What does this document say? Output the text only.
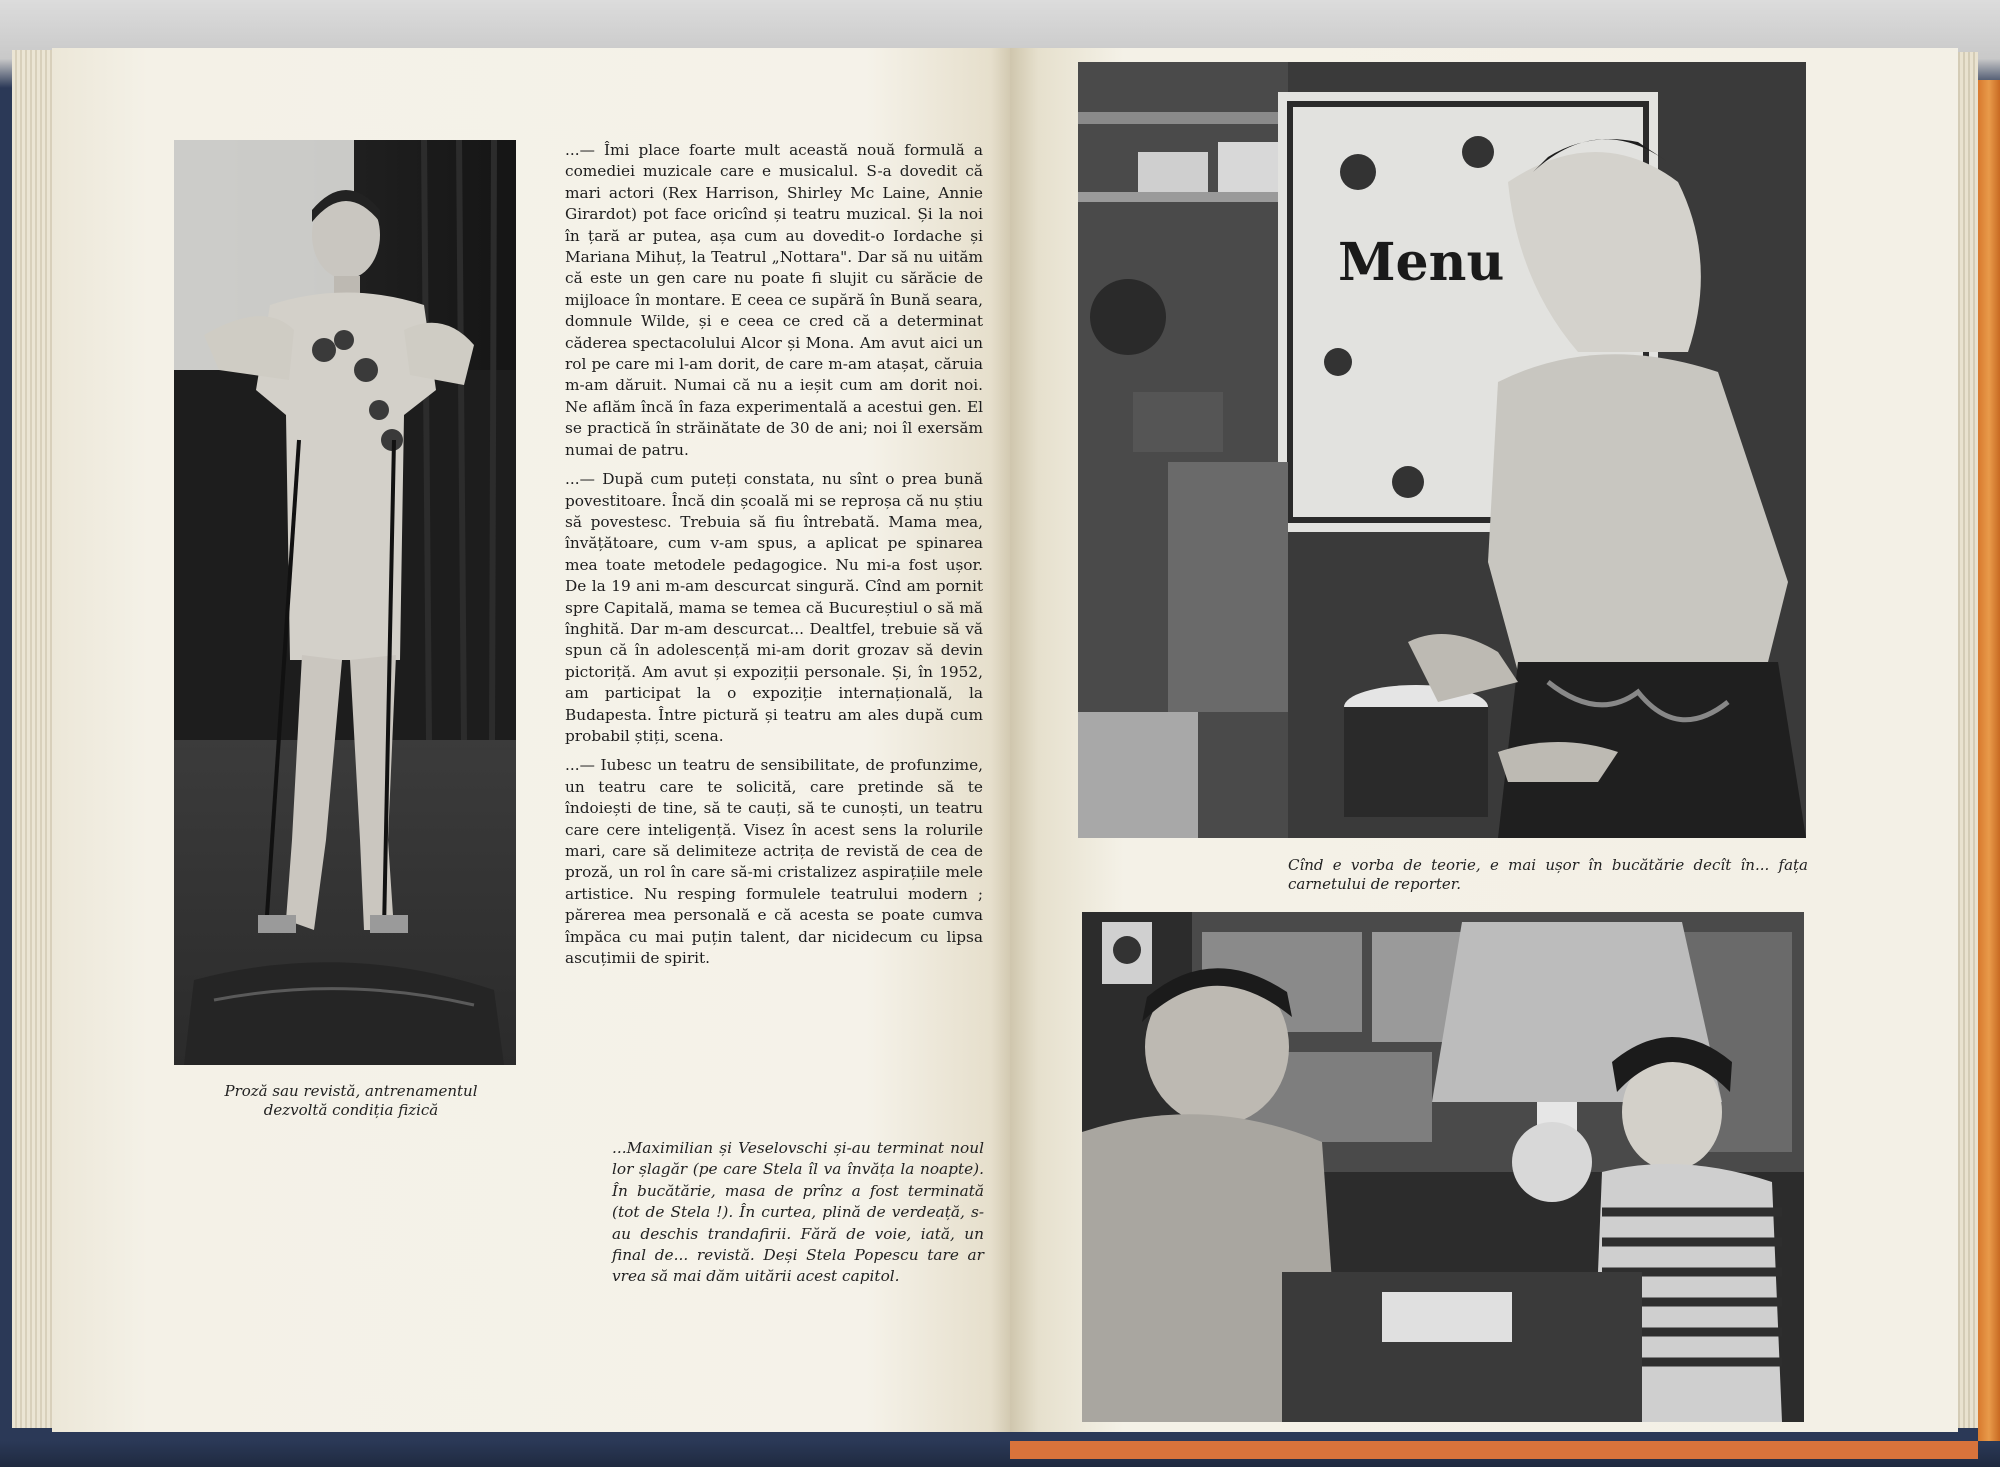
Proză sau revistă, antrenamentul dezvoltă condiția fizică

...— Îmi place foarte mult această nouă formulă a comediei muzicale care e musicalul. S-a dovedit că mari actori (Rex Harrison, Shirley Mc Laine, Annie Girardot) pot face oricînd și teatru muzical. Și la noi în țară ar putea, așa cum au dovedit-o Iordache și Mariana Mihuț, la Teatrul „Nottara". Dar să nu uităm că este un gen care nu poate fi slujit cu sărăcie de mijloace în montare. E ceea ce supără în Bună seara, domnule Wilde, și e ceea ce cred că a determinat căderea spectacolului Alcor și Mona. Am avut aici un rol pe care mi l-am dorit, de care m-am atașat, căruia m-am dăruit. Numai că nu a ieșit cum am dorit noi. Ne aflăm încă în faza experimentală a acestui gen. El se practică în străinătate de 30 de ani; noi îl exersăm numai de patru.

...— După cum puteți constata, nu sînt o prea bună povestitoare. Încă din școală mi se reproșa că nu știu să povestesc. Trebuia să fiu întrebată. Mama mea, învățătoare, cum v-am spus, a aplicat pe spinarea mea toate metodele pedagogice. Nu mi-a fost ușor. De la 19 ani m-am descurcat singură. Cînd am pornit spre Capitală, mama se temea că Bucureștiul o să mă înghită. Dar m-am descurcat... Dealtfel, trebuie să vă spun că în adolescență mi-am dorit grozav să devin pictoriță. Am avut și expoziții personale. Și, în 1952, am participat la o expoziție internațională, la Budapesta. Între pictură și teatru am ales după cum probabil știți, scena.

...— Iubesc un teatru de sensibilitate, de profunzime, un teatru care te solicită, care pretinde să te îndoiești de tine, să te cauți, să te cunoști, un teatru care cere inteligență. Visez în acest sens la rolurile mari, care să delimiteze actrița de revistă de cea de proză, un rol în care să-mi cristalizez aspirațiile mele artistice. Nu resping formulele teatrului modern ; părerea mea personală e că acesta se poate cumva împăca cu mai puțin talent, dar nicidecum cu lipsa ascuțimii de spirit.

...Maximilian și Veselovschi și-au terminat noul lor șlagăr (pe care Stela îl va învăța la noapte). În bucătărie, masa de prînz a fost terminată (tot de Stela !). În curtea, plină de verdeață, s-au deschis trandafirii. Fără de voie, iată, un final de... revistă. Deși Stela Popescu tare ar vrea să mai dăm uitării acest capitol.
Menu
Cînd e vorba de teorie, e mai ușor în bucătărie decît în... fața carnetului de reporter.
